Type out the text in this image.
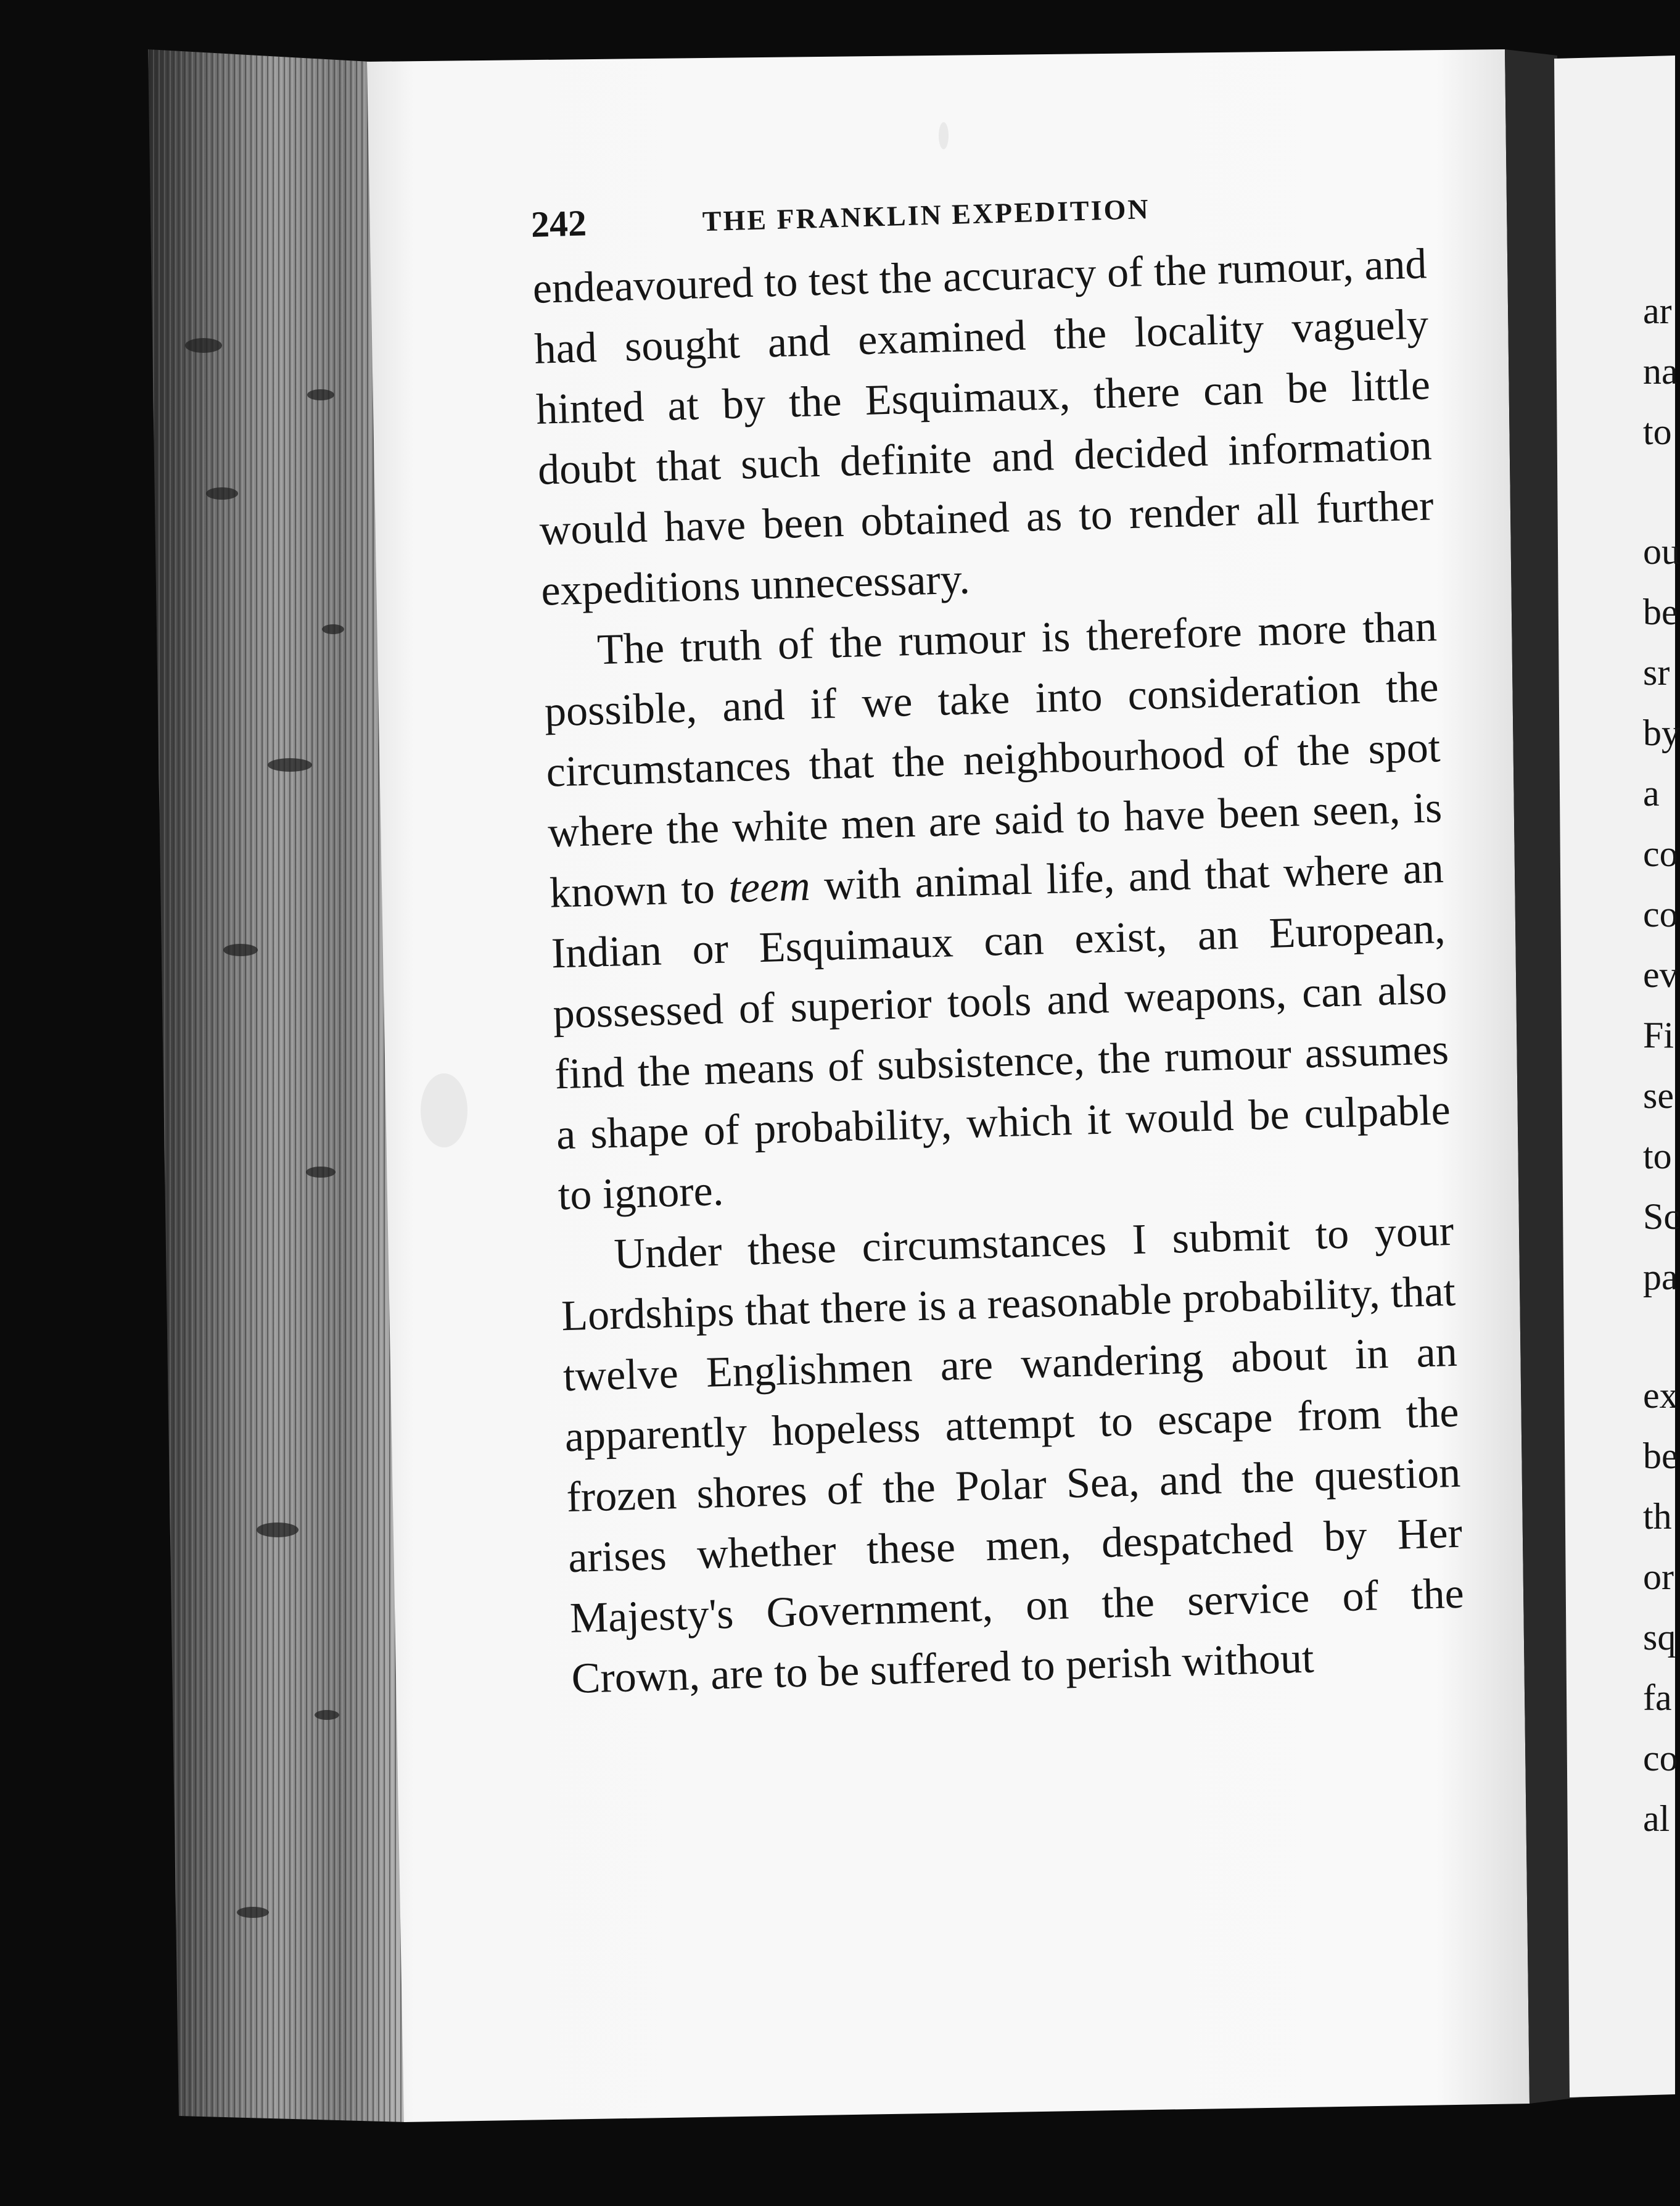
242	THE FRANKLIN EXPEDITION

endeavoured to test the accuracy of the rumour, and had sought and examined the locality vaguely hinted at by the Esquimaux, there can be little doubt that such definite and decided information would have been obtained as to render all further expeditions unnecessary.

The truth of the rumour is therefore more than possible, and if we take into consideration the circumstances that the neighbourhood of the spot where the white men are said to have been seen, is known to teem with animal life, and that where an Indian or Esquimaux can exist, an European, possessed of superior tools and weapons, can also find the means of subsistence, the rumour assumes a shape of probability, which it would be culpable to ignore.

Under these circumstances I submit to your Lordships that there is a reasonable probability, that twelve Englishmen are wandering about in an apparently hopeless attempt to escape from the frozen shores of the Polar Sea, and the question arises whether these men, despatched by Her Majesty's Government, on the service of the Crown, are to be suffered to perish without

ar
na
to
ou
be
sr
by
a
co
co
ev
Fi
se
to
Sc
pa
ex
be
th
or
sq
fa
co
al
